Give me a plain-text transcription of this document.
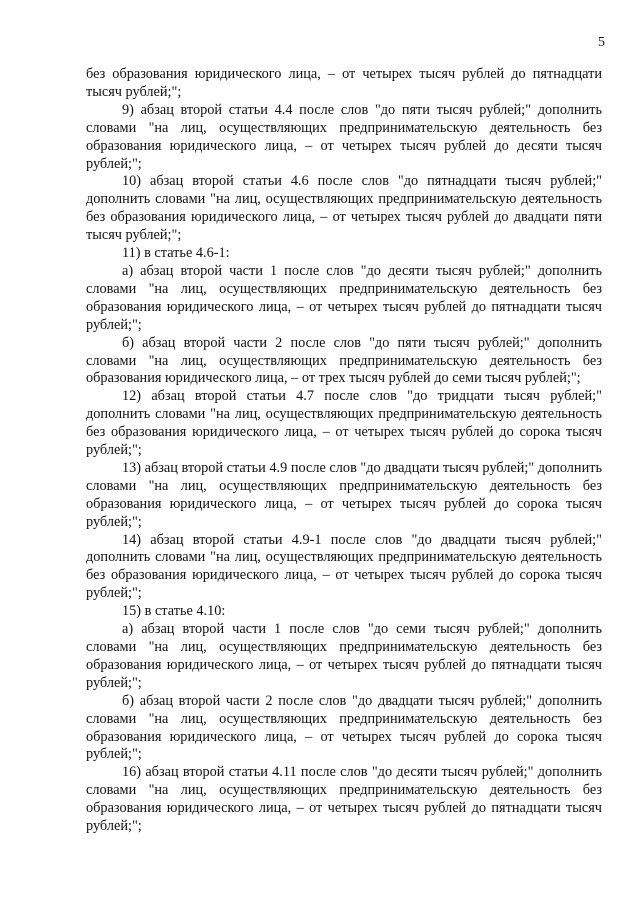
5

без образования юридического лица, – от четырех тысяч рублей до пятнадцати тысяч рублей;";

9) абзац второй статьи 4.4 после слов "до пяти тысяч рублей;" дополнить словами "на лиц, осуществляющих предпринимательскую деятельность без образования юридического лица, – от четырех тысяч рублей до десяти тысяч рублей;";

10) абзац второй статьи 4.6 после слов "до пятнадцати тысяч рублей;" дополнить словами "на лиц, осуществляющих предпринимательскую деятельность без образования юридического лица, – от четырех тысяч рублей до двадцати пяти тысяч рублей;";

11) в статье 4.6-1:

а) абзац второй части 1 после слов "до десяти тысяч рублей;" дополнить словами "на лиц, осуществляющих предпринимательскую деятельность без образования юридического лица, – от четырех тысяч рублей до пятнадцати тысяч рублей;";

б) абзац второй части 2 после слов "до пяти тысяч рублей;" дополнить словами "на лиц, осуществляющих предпринимательскую деятельность без образования юридического лица, – от трех тысяч рублей до семи тысяч рублей;";

12) абзац второй статьи 4.7 после слов "до тридцати тысяч рублей;" дополнить словами "на лиц, осуществляющих предпринимательскую деятельность без образования юридического лица, – от четырех тысяч рублей до сорока тысяч рублей;";

13) абзац второй статьи 4.9 после слов "до двадцати тысяч рублей;" дополнить словами "на лиц, осуществляющих предпринимательскую деятельность без образования юридического лица, – от четырех тысяч рублей до сорока тысяч рублей;";

14) абзац второй статьи 4.9-1 после слов "до двадцати тысяч рублей;" дополнить словами "на лиц, осуществляющих предпринимательскую деятельность без образования юридического лица, – от четырех тысяч рублей до сорока тысяч рублей;";

15) в статье 4.10:

а) абзац второй части 1 после слов "до семи тысяч рублей;" дополнить словами "на лиц, осуществляющих предпринимательскую деятельность без образования юридического лица, – от четырех тысяч рублей до пятнадцати тысяч рублей;";

б) абзац второй части 2 после слов "до двадцати тысяч рублей;" дополнить словами "на лиц, осуществляющих предпринимательскую деятельность без образования юридического лица, – от четырех тысяч рублей до сорока тысяч рублей;";

16) абзац второй статьи 4.11 после слов "до десяти тысяч рублей;" дополнить словами "на лиц, осуществляющих предпринимательскую деятельность без образования юридического лица, – от четырех тысяч рублей до пятнадцати тысяч рублей;";
